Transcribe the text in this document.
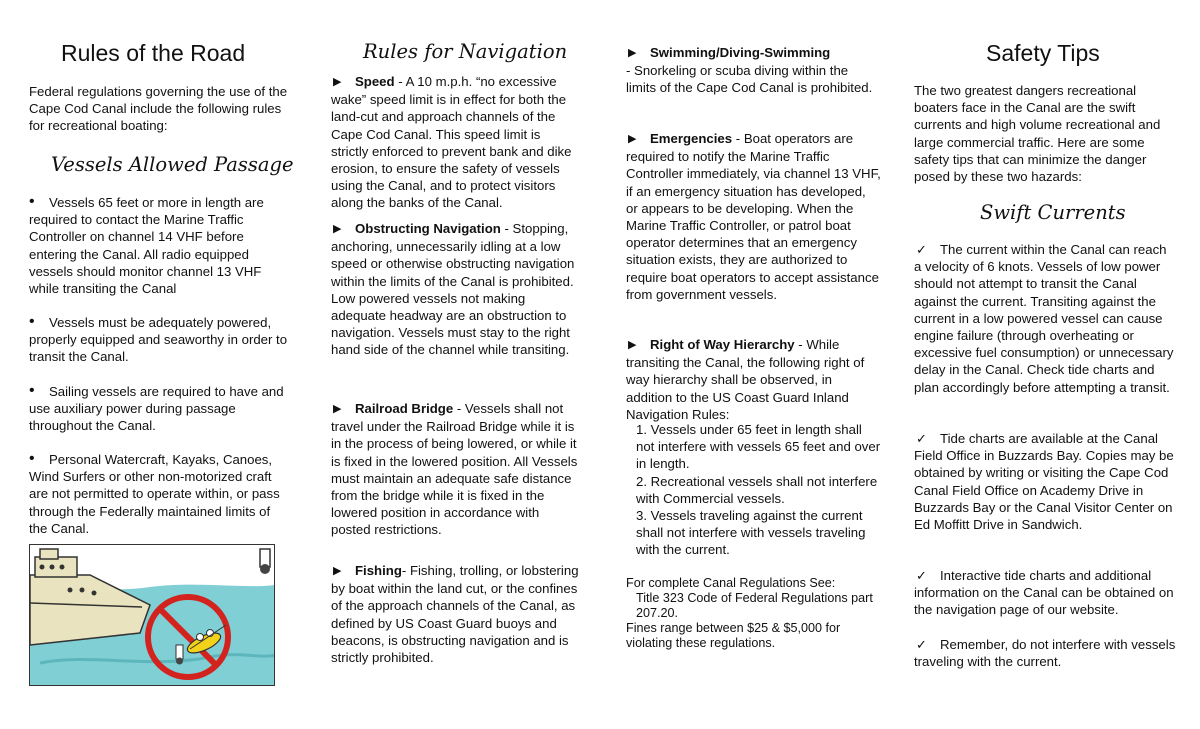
Rules of the Road

Federal regulations governing the use of the Cape Cod Canal include the following rules for recreational boating:

Vessels Allowed Passage
• Vessels 65 feet or more in length are required to contact the Marine Traffic Controller on channel 14 VHF before entering the Canal. All radio equipped vessels should monitor channel 13 VHF while transiting the Canal
• Vessels must be adequately powered, properly equipped and seaworthy in order to transit the Canal.
• Sailing vessels are required to have and use auxiliary power during passage throughout the Canal.
• Personal Watercraft, Kayaks, Canoes, Wind Surfers or other non-motorized craft are not permitted to operate within, or pass through the Federally maintained limits of the Canal.
Rules for Navigation
▶ Speed - A 10 m.p.h. “no excessive wake” speed limit is in effect for both the land-cut and approach channels of the Cape Cod Canal. This speed limit is strictly enforced to prevent bank and dike erosion, to ensure the safety of vessels using the Canal, and to protect visitors along the banks of the Canal.
▶ Obstructing Navigation - Stopping, anchoring, unnecessarily idling at a low speed or otherwise obstructing navigation within the limits of the Canal is prohibited. Low powered vessels not making adequate headway are an obstruction to navigation. Vessels must stay to the right hand side of the channel while transiting.
▶ Railroad Bridge - Vessels shall not travel under the Railroad Bridge while it is in the process of being lowered, or while it is fixed in the lowered position. All Vessels must maintain an adequate safe distance from the bridge while it is fixed in the lowered position in accordance with posted restrictions.
▶ Fishing- Fishing, trolling, or lobstering by boat within the land cut, or the confines of the approach channels of the Canal, as defined by US Coast Guard buoys and beacons, is obstructing navigation and is strictly prohibited.
▶ Swimming/Diving-Swimming
- Snorkeling or scuba diving within the limits of the Cape Cod Canal is prohibited.
▶ Emergencies - Boat operators are required to notify the Marine Traffic Controller immediately, via channel 13 VHF, if an emergency situation has developed, or appears to be developing. When the Marine Traffic Controller, or patrol boat operator determines that an emergency situation exists, they are authorized to require boat operators to accept assistance from government vessels.
▶ Right of Way Hierarchy - While transiting the Canal, the following right of way hierarchy shall be observed, in addition to the US Coast Guard Inland Navigation Rules:
1. Vessels under 65 feet in length shall not interfere with vessels 65 feet and over in length.
2. Recreational vessels shall not interfere with Commercial vessels.
3. Vessels traveling against the current shall not interfere with vessels traveling with the current.

For complete Canal Regulations See:

Title 323 Code of Federal Regulations part 207.20.

Fines range between $25 & $5,000 for violating these regulations.

Safety Tips

The two greatest dangers recreational boaters face in the Canal are the swift currents and high volume recreational and large commercial traffic. Here are some safety tips that can minimize the danger posed by these two hazards:

Swift Currents
✓ The current within the Canal can reach a velocity of 6 knots. Vessels of low power should not attempt to transit the Canal against the current. Transiting against the current in a low powered vessel can cause engine failure (through overheating or excessive fuel consumption) or unnecessary delay in the Canal. Check tide charts and plan accordingly before attempting a transit.
✓ Tide charts are available at the Canal Field Office in Buzzards Bay. Copies may be obtained by writing or visiting the Cape Cod Canal Field Office on Academy Drive in Buzzards Bay or the Canal Visitor Center on Ed Moffitt Drive in Sandwich.
✓ Interactive tide charts and additional information on the Canal can be obtained on the navigation page of our website.
✓ Remember, do not interfere with vessels traveling with the current.
